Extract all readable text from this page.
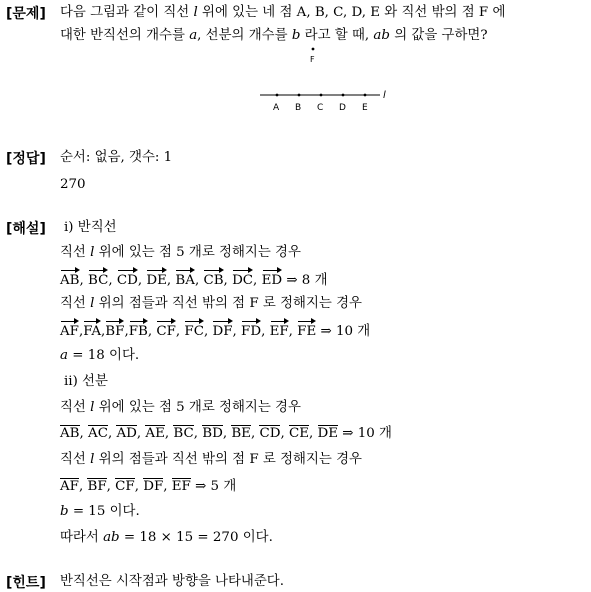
[문제] 다음 그림과 같이 직선 l 위에 있는 네 점 A, B, C, D, E 와 직선 밖의 점 F 에
대한 반직선의 개수를 a, 선분의 개수를 b 라고 할 때, ab 의 값을 구하면?
F
l
A B C D E
[정답] 순서: 없음, 갯수: 1
270
[해설] ⅰ) 반직선
직선 l 위에 있는 점 5 개로 정해지는 경우
AB, BC, CD, DE, BA, CB, DC, ED ⇒ 8 개
직선 l 위의 점들과 직선 밖의 점 F 로 정해지는 경우
AF,FA,BF,FB, CF, FC, DF, FD, EF, FE ⇒ 10 개
a = 18 이다.
ⅱ) 선분
직선 l 위에 있는 점 5 개로 정해지는 경우
AB, AC, AD, AE, BC, BD, BE, CD, CE, DE ⇒ 10 개
직선 l 위의 점들과 직선 밖의 점 F 로 정해지는 경우
AF, BF, CF, DF, EF ⇒ 5 개
b = 15 이다.
따라서 ab = 18 × 15 = 270 이다.
[힌트] 반직선은 시작점과 방향을 나타내준다.
